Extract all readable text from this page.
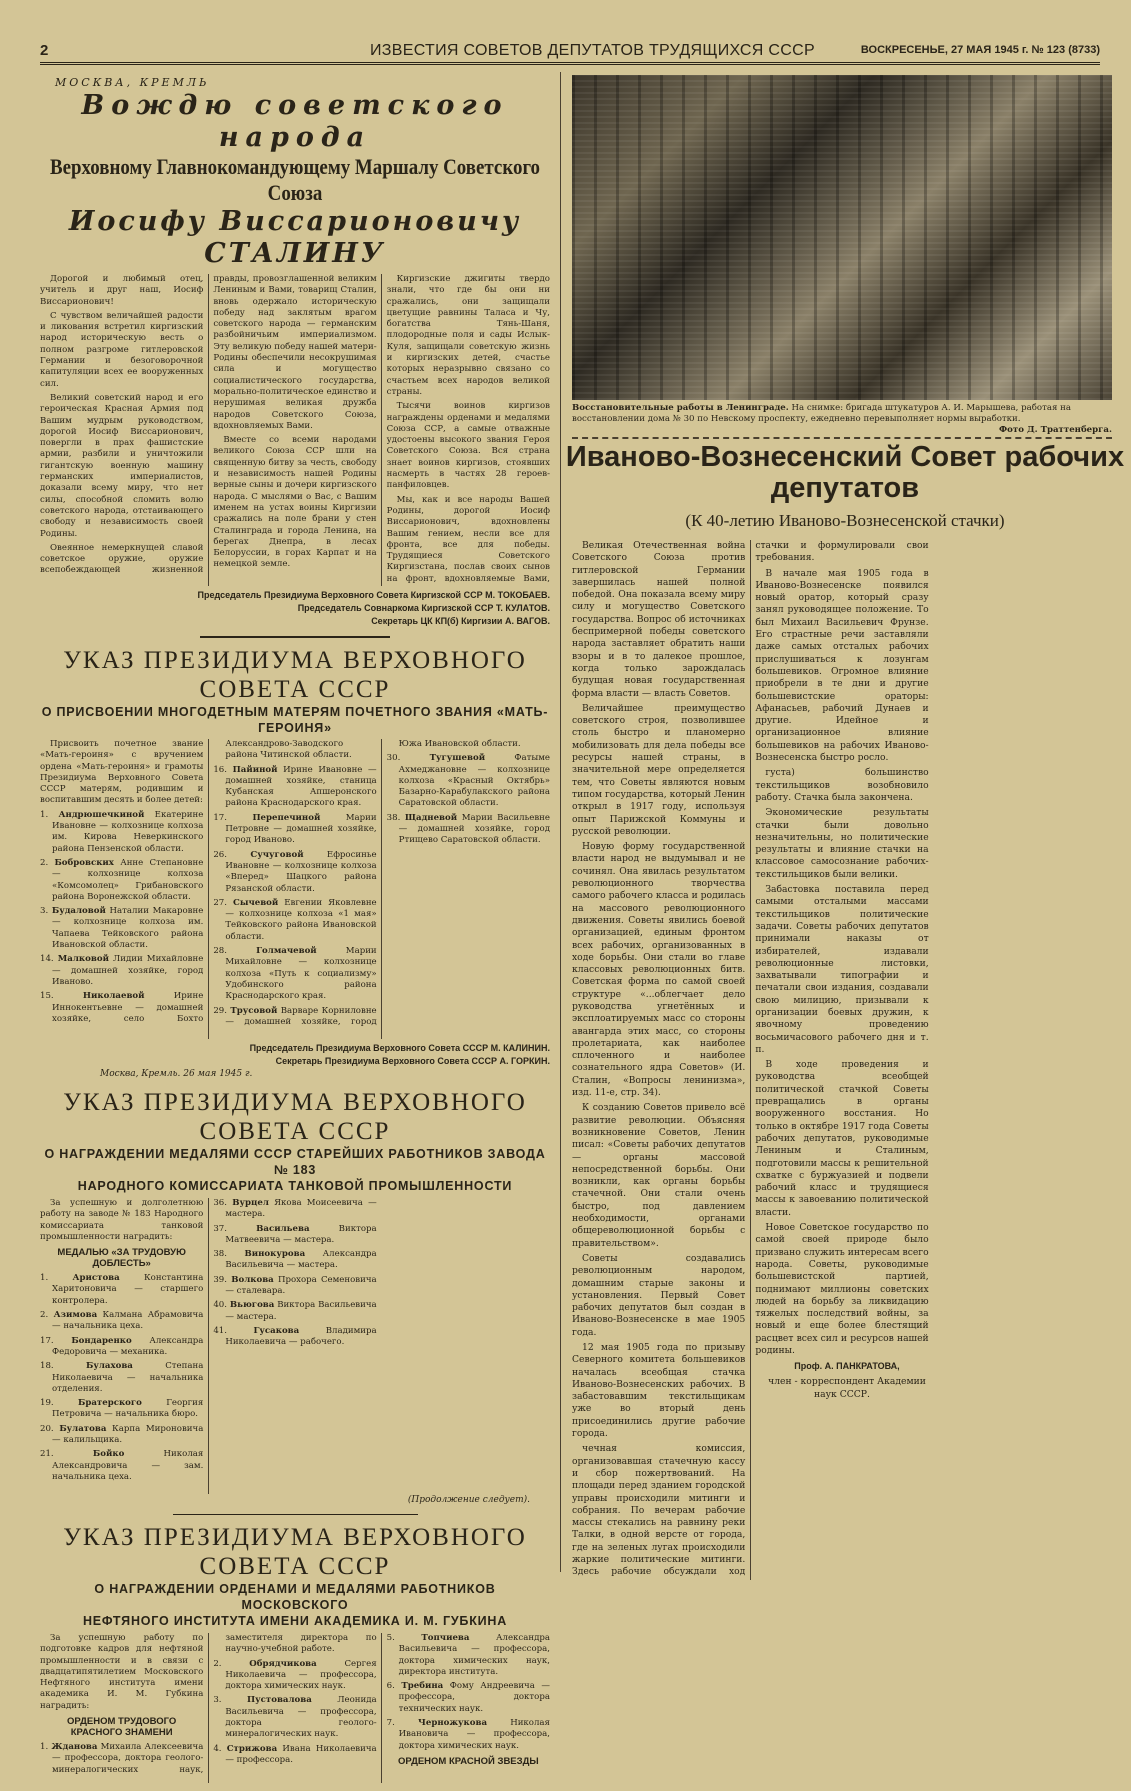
2	ИЗВЕСТИЯ СОВЕТОВ ДЕПУТАТОВ ТРУДЯЩИХСЯ СССР	ВОСКРЕСЕНЬЕ, 27 МАЯ 1945 г. № 123 (8733)
МОСКВА, КРЕМЛЬ
Вождю советского народа
Верховному Главнокомандующему Маршалу Советского Союза
Иосифу Виссарионовичу СТАЛИНУ

Дорогой и любимый отец, учитель и друг наш, Иосиф Виссарионович!

С чувством величайшей радости и ликования встретил киргизский народ историческую весть о полном разгроме гитлеровской Германии и безоговорочной капитуляции всех ее вооруженных сил.

Великий советский народ и его героическая Красная Армия под Вашим мудрым руководством, дорогой Иосиф Виссарионович, повергли в прах фашистские армии, разбили и уничтожили гигантскую военную машину германских империалистов, доказали всему миру, что нет силы, способной сломить волю советского народа, отстаивающего свободу и независимость своей Родины.

Овеянное немеркнущей славой советское оружие, оружие всепобеждающей жизненной правды, провозглашенной великим Лениным и Вами, товарищ Сталин, вновь одержало историческую победу над заклятым врагом советского народа — германским разбойничьим империализмом. Эту великую победу нашей матери-Родины обеспечили несокрушимая сила и могущество социалистического государства, морально-политическое единство и нерушимая великая дружба народов Советского Союза, вдохновляемых Вами.

Вместе со всеми народами великого Союза ССР шли на священную битву за честь, свободу и независимость нашей Родины верные сыны и дочери киргизского народа. С мыслями о Вас, с Вашим именем на устах воины Киргизии сражались на поле брани у стен Сталинграда и города Ленина, на берегах Днепра, в лесах Белоруссии, в горах Карпат и на немецкой земле.

Киргизские джигиты твердо знали, что где бы они ни сражались, они защищали цветущие равнины Таласа и Чу, богатства Тянь-Шаня, плодородные поля и сады Ислык-Куля, защищали советскую жизнь и киргизских детей, счастье которых неразрывно связано со счастьем всех народов великой страны.

Тысячи воинов киргизов награждены орденами и медалями Союза ССР, а самые отважные удостоены высокого звания Героя Советского Союза. Вся страна знает воинов киргизов, стоявших насмерть в частях 28 героев-панфиловцев.

Мы, как и все народы Вашей Родины, дорогой Иосиф Виссарионович, вдохновлены Вашим гением, несли все для фронта, все для победы. Трудящиеся Советского Киргизстана, послав своих сынов на фронт, вдохновляемые Вами,

Председатель Президиума Верховного Совета Киргизской ССР М. ТОКОБАЕВ.
Председатель Совнаркома Киргизской ССР Т. КУЛАТОВ.
Секретарь ЦК КП(б) Киргизии А. ВАГОВ.
УКАЗ ПРЕЗИДИУМА ВЕРХОВНОГО СОВЕТА СССР
О ПРИСВОЕНИИ МНОГОДЕТНЫМ МАТЕРЯМ ПОЧЕТНОГО ЗВАНИЯ «МАТЬ-ГЕРОИНЯ»

Присвоить почетное звание «Мать-героиня» с вручением ордена «Мать-героиня» и грамоты Президиума Верховного Совета СССР матерям, родившим и воспитавшим десять и более детей:

1. Андрюшечкиной Екатерине Ивановне — колхознице колхоза им. Кирова Неверкинского района Пензенской области.

2. Бобровских Анне Степановне — колхознице колхоза «Комсомолец» Грибановского района Воронежской области.

3. Будаловой Наталии Макаровне — колхознице колхоза им. Чапаева Тейковского района Ивановской области.

14. Малковой Лидии Михайловне — домашней хозяйке, город Иваново.

15. Николаевой Ирине Иннокентьевне — домашней хозяйке, село Бохто Александрово-Заводского района Читинской области.

16. Пайиной Ирине Ивановне — домашней хозяйке, станица Кубанская Апшеронского района Краснодарского края.

17. Перепечиной Марии Петровне — домашней хозяйке, город Иваново.

26. Сучуговой Ефросинье Ивановне — колхознице колхоза «Вперед» Шацкого района Рязанской области.

27. Сычевой Евгении Яковлевне — колхознице колхоза «1 мая» Тейковского района Ивановской области.

28. Голмачевой Марии Михайловне — колхознице колхоза «Путь к социализму» Удобинского района Краснодарского края.

29. Трусовой Варваре Корниловне — домашней хозяйке, город Южа Ивановской области.

30. Тугушевой Фатыме Ахмеджановне — колхознице колхоза «Красный Октябрь» Базарно-Карабулакского района Саратовской области.

38. Щадневой Марии Васильевне — домашней хозяйке, город Ртищево Саратовской области.

Председатель Президиума Верховного Совета СССР М. КАЛИНИН.
Секретарь Президиума Верховного Совета СССР А. ГОРКИН.
Москва, Кремль. 26 мая 1945 г.
УКАЗ ПРЕЗИДИУМА ВЕРХОВНОГО СОВЕТА СССР
О НАГРАЖДЕНИИ МЕДАЛЯМИ СССР СТАРЕЙШИХ РАБОТНИКОВ ЗАВОДА № 183
НАРОДНОГО КОМИССАРИАТА ТАНКОВОЙ ПРОМЫШЛЕННОСТИ

За успешную и долголетнюю работу на заводе № 183 Народного комиссариата танковой промышленности наградить:

МЕДАЛЬЮ «ЗА ТРУДОВУЮ ДОБЛЕСТЬ»

1. Аристова Константина Харитоновича — старшего контролера.

2. Азимова Калмана Абрамовича — начальника цеха.

17. Бондаренко Александра Федоровича — механика.

18. Булахова Степана Николаевича — начальника отделения.

19. Братерского Георгия Петровича — начальника бюро.

20. Булатова Карпа Мироновича — калильщика.

21. Бойко Николая Александровича — зам. начальника цеха.

36. Вурцел Якова Моисеевича — мастера.

37. Васильева Виктора Матвеевича — мастера.

38. Винокурова Александра Васильевича — мастера.

39. Волкова Прохора Семеновича — сталевара.

40. Вьюгова Виктора Васильевича — мастера.

41. Гусакова Владимира Николаевича — рабочего.

(Продолжение следует).
УКАЗ ПРЕЗИДИУМА ВЕРХОВНОГО СОВЕТА СССР
О НАГРАЖДЕНИИ ОРДЕНАМИ И МЕДАЛЯМИ РАБОТНИКОВ МОСКОВСКОГО
НЕФТЯНОГО ИНСТИТУТА ИМЕНИ АКАДЕМИКА И. М. ГУБКИНА

За успешную работу по подготовке кадров для нефтяной промышленности и в связи с двадцатипятилетием Московского Нефтяного института имени академика И. М. Губкина наградить:

ОРДЕНОМ ТРУДОВОГО КРАСНОГО ЗНАМЕНИ

1. Жданова Михаила Алексеевича — профессора, доктора геолого-минералогических наук, заместителя директора по научно-учебной работе.

2. Обрядчикова Сергея Николаевича — профессора, доктора химических наук.

3. Пустовалова Леонида Васильевича — профессора, доктора геолого-минералогических наук.

4. Стрижова Ивана Николаевича — профессора.

5. Топчиева Александра Васильевича — профессора, доктора химических наук, директора института.

6. Требина Фому Андреевича — профессора, доктора технических наук.

7. Черножукова Николая Ивановича — профессора, доктора химических наук.

ОРДЕНОМ КРАСНОЙ ЗВЕЗДЫ

Восстановительные работы в Ленинграде. На снимке: бригада штукатуров А. И. Марышева, работая на восстановлении дома № 30 по Невскому проспекту, ежедневно перевыполняет нормы выработки.
Фото Д. Траттенберга.
Иваново-Вознесенский Совет рабочих депутатов
(К 40-летию Иваново-Вознесенской стачки)

Великая Отечественная война Советского Союза против гитлеровской Германии завершилась нашей полной победой. Она показала всему миру силу и могущество Советского государства. Вопрос об источниках беспримерной победы советского народа заставляет обратить наши взоры и в то далекое прошлое, когда только зарождалась будущая новая государственная форма власти — власть Советов.

Величайшее преимущество советского строя, позволившее столь быстро и планомерно мобилизовать для дела победы все ресурсы нашей страны, в значительной мере определяется тем, что Советы являются новым типом государства, который Ленин открыл в 1917 году, используя опыт Парижской Коммуны и русской революции.

Новую форму государственной власти народ не выдумывал и не сочинял. Она явилась результатом революционного творчества самого рабочего класса и родилась на массового революционного движения. Советы явились боевой организацией, единым фронтом всех рабочих, организованных в ходе борьбы. Они стали во главе классовых революционных битв. Советская форма по самой своей структуре «...облегчает дело руководства угнетённых и эксплоатируемых масс со стороны авангарда этих масс, со стороны пролетариата, как наиболее сплоченного и наиболее сознательного ядра Советов» (И. Сталин, «Вопросы ленинизма», изд. 11-е, стр. 34).

К созданию Советов привело всё развитие революции. Объясняя возникновение Советов, Ленин писал: «Советы рабочих депутатов — органы массовой непосредственной борьбы. Они возникли, как органы борьбы стачечной. Они стали очень быстро, под давлением необходимости, органами общереволюционной борьбы с правительством».

Советы создавались революционным народом, домашним старые законы и установления. Первый Совет рабочих депутатов был создан в Иваново-Вознесенске в мае 1905 года.

12 мая 1905 года по призыву Северного комитета большевиков началась всеобщая стачка Иваново-Вознесенских рабочих. В забастовавшим текстильщикам уже во вторый день присоединились другие рабочие города.

чечная комиссия, организовавшая стачечную кассу и сбор пожертвований. На площади перед зданием городской управы происходили митинги и собрания. По вечерам рабочие массы стекались на равнину реки Талки, в одной версте от города, где на зеленых лугах происходили жаркие политические митинги. Здесь рабочие обсуждали ход стачки и формулировали свои требования.

В начале мая 1905 года в Иваново-Вознесенске появился новый оратор, который сразу занял руководящее положение. То был Михаил Васильевич Фрунзе. Его страстные речи заставляли даже самых отсталых рабочих прислушиваться к лозунгам большевиков. Огромное влияние приобрели в те дни и другие большевистские ораторы: Афанасьев, рабочий Дунаев и другие. Идейное и организационное влияние большевиков на рабочих Иваново-Вознесенска быстро росло.

густа) большинство текстильщиков возобновило работу. Стачка была закончена.

Экономические результаты стачки были довольно незначительны, но политические результаты и влияние стачки на классовое самосознание рабочих-текстильщиков были велики.

Забастовка поставила перед самыми отсталыми массами текстильщиков политические задачи. Советы рабочих депутатов принимали наказы от избирателей, издавали революционные листовки, захватывали типографии и печатали свои издания, создавали свою милицию, призывали к организации боевых дружин, к явочному проведению восьмичасового рабочего дня и т. п.

В ходе проведения и руководства всеобщей политической стачкой Советы превращались в органы вооруженного восстания. Но только в октябре 1917 года Советы рабочих депутатов, руководимые Лениным и Сталиным, подготовили массы к решительной схватке с буржуазией и подвели рабочий класс и трудящиеся массы к завоеванию политической власти.

Новое Советское государство по самой своей природе было призвано служить интересам всего народа. Советы, руководимые большевистской партией, поднимают миллионы советских людей на борьбу за ликвидацию тяжелых последствий войны, за новый и еще более блестящий расцвет всех сил и ресурсов нашей родины.

Проф. А. ПАНКРАТОВА,

член - корреспондент Академии наук СССР.
